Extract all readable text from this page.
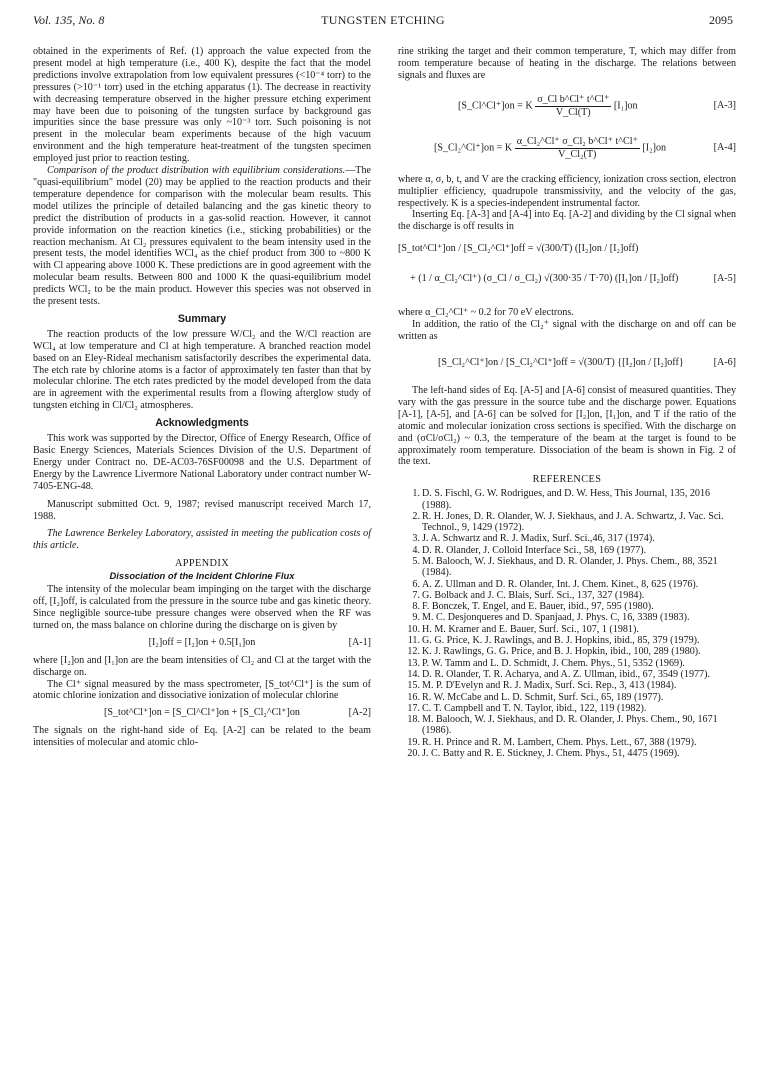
Vol. 135, No. 8	TUNGSTEN ETCHING	2095

obtained in the experiments of Ref. (1) approach the value expected from the present model at high temperature (i.e., 400 K), despite the fact that the model predictions involve extrapolation from low equivalent pressures (<10⁻⁴ torr) to the pressures (>10⁻¹ torr) used in the etching apparatus (1). The decrease in reactivity with decreasing temperature observed in the higher pressure etching experiment may have been due to poisoning of the tungsten surface by background gas impurities since the base pressure was only ~10⁻³ torr. Such poisoning is not present in the molecular beam experiments because of the high vacuum environment and the high temperature heat-treatment of the tungsten specimen employed just prior to reaction testing.

Comparison of the product distribution with equilibrium considerations.—The "quasi-equilibrium" model (20) may be applied to the reaction products and their temperature dependence for comparison with the molecular beam results. This model utilizes the principle of detailed balancing and the gas kinetic theory to predict the distribution of products in a gas-solid reaction. However, it cannot provide information on the reaction kinetics (i.e., sticking probabilities) or the reaction mechanism. At Cl₂ pressures equivalent to the beam intensity used in the present tests, the model identifies WCl₄ as the chief product from 300 to ~800 K with Cl appearing above 1000 K. These predictions are in good agreement with the molecular beam results. Between 800 and 1000 K the quasi-equilibrium model predicts WCl₂ to be the main product. However this species was not observed in the present tests.

Summary

The reaction products of the low pressure W/Cl₂ and the W/Cl reaction are WCl₄ at low temperature and Cl at high temperature. A branched reaction model based on an Eley-Rideal mechanism satisfactorily describes the experimental data. The etch rate by chlorine atoms is a factor of approximately ten faster than that by molecular chlorine. The etch rates predicted by the model developed from the data are in agreement with the experimental results from a flowing afterglow study of tungsten etching in Cl/Cl₂ atmospheres.

Acknowledgments

This work was supported by the Director, Office of Energy Research, Office of Basic Energy Sciences, Materials Sciences Division of the U.S. Department of Energy under Contract no. DE-AC03-76SF00098 and the U.S. Department of Energy by the Lawrence Livermore National Laboratory under contract number W-7405-ENG-48.

Manuscript submitted Oct. 9, 1987; revised manuscript received March 17, 1988.

The Lawrence Berkeley Laboratory, assisted in meeting the publication costs of this article.

APPENDIX
Dissociation of the Incident Chlorine Flux

The intensity of the molecular beam impinging on the target with the discharge off, [I₂]off, is calculated from the pressure in the source tube and gas kinetic theory. Since negligible source-tube pressure changes were observed when the RF was turned on, the mass balance on chlorine during the discharge on is given by

[I₂]off = [I₂]on + 0.5[I₁]on	[A-1]

where [I₂]on and [I₁]on are the beam intensities of Cl₂ and Cl at the target with the discharge on.

The Cl⁺ signal measured by the mass spectrometer, [S_tot^Cl⁺] is the sum of atomic chlorine ionization and dissociative ionization of molecular chlorine

[S_tot^Cl⁺]on = [S_Cl^Cl⁺]on + [S_Cl₂^Cl⁺]on	[A-2]

The signals on the right-hand side of Eq. [A-2] can be related to the beam intensities of molecular and atomic chlo-

rine striking the target and their common temperature, T, which may differ from room temperature because of heating in the discharge. The relations between signals and fluxes are

[S_Cl^Cl⁺]on = K $\frac{\text{σ\_Cl b\textasciicircum{}Cl⁺ t\textasciicircum{}Cl⁺}}{V\_Cl(T)} [I_1]on$	[A-3]
[S_Cl₂^Cl⁺]on = K $\frac{\text{α\_Cl₂\textasciicircum{}Cl⁺ σ\_Cl₂ b\textasciicircum{}Cl⁺ t\textasciicircum{}Cl⁺}}{\text{V\_Cl₂(T)}} [I_2]on$	[A-4]

where α, σ, b, t, and V are the cracking efficiency, ionization cross section, electron multiplier efficiency, quadrupole transmissivity, and the velocity of the gas, respectively. K is a species-independent instrumental factor.

Inserting Eq. [A-3] and [A-4] into Eq. [A-2] and dividing by the Cl signal when the discharge is off results in

[S_tot^Cl⁺]on / [S_Cl₂^Cl⁺]off = √(300/T) ([I₂]on / [I₂]off)
+ (1 / α_Cl₂^Cl⁺) (σ_Cl / σ_Cl₂) √(300·35 / T·70) ([I₁]on / [I₂]off)	[A-5]

where α_Cl₂^Cl⁺ ~ 0.2 for 70 eV electrons.

In addition, the ratio of the Cl₂⁺ signal with the discharge on and off can be written as

[S_Cl₂^Cl⁺]on / [S_Cl₂^Cl⁺]off = √(300/T) {[I₂]on / [I₂]off}	[A-6]

The left-hand sides of Eq. [A-5] and [A-6] consist of measured quantities. They vary with the gas pressure in the source tube and the discharge power. Equations [A-1], [A-5], and [A-6] can be solved for [I₂]on, [I₁]on, and T if the ratio of the atomic and molecular ionization cross sections is specified. With the discharge on and (σCl/σCl₂) ~ 0.3, the temperature of the beam at the target is found to be approximately room temperature. Dissociation of the beam is shown in Fig. 2 of the text.

REFERENCES
1. D. S. Fischl, G. W. Rodrigues, and D. W. Hess, This Journal, 135, 2016 (1988).
2. R. H. Jones, D. R. Olander, W. J. Siekhaus, and J. A. Schwartz, J. Vac. Sci. Technol., 9, 1429 (1972).
3. J. A. Schwartz and R. J. Madix, Surf. Sci.,46, 317 (1974).
4. D. R. Olander, J. Colloid Interface Sci., 58, 169 (1977).
5. M. Balooch, W. J. Siekhaus, and D. R. Olander, J. Phys. Chem., 88, 3521 (1984).
6. A. Z. Ullman and D. R. Olander, Int. J. Chem. Kinet., 8, 625 (1976).
7. G. Bolback and J. C. Blais, Surf. Sci., 137, 327 (1984).
8. F. Bonczek, T. Engel, and E. Bauer, ibid., 97, 595 (1980).
9. M. C. Desjonqueres and D. Spanjaad, J. Phys. C, 16, 3389 (1983).
10. H. M. Kramer and E. Bauer, Surf. Sci., 107, 1 (1981).
11. G. G. Price, K. J. Rawlings, and B. J. Hopkins, ibid., 85, 379 (1979).
12. K. J. Rawlings, G. G. Price, and B. J. Hopkin, ibid., 100, 289 (1980).
13. P. W. Tamm and L. D. Schmidt, J. Chem. Phys., 51, 5352 (1969).
14. D. R. Olander, T. R. Acharya, and A. Z. Ullman, ibid., 67, 3549 (1977).
15. M. P. D'Evelyn and R. J. Madix, Surf. Sci. Rep., 3, 413 (1984).
16. R. W. McCabe and L. D. Schmit, Surf. Sci., 65, 189 (1977).
17. C. T. Campbell and T. N. Taylor, ibid., 122, 119 (1982).
18. M. Balooch, W. J. Siekhaus, and D. R. Olander, J. Phys. Chem., 90, 1671 (1986).
19. R. H. Prince and R. M. Lambert, Chem. Phys. Lett., 67, 388 (1979).
20. J. C. Batty and R. E. Stickney, J. Chem. Phys., 51, 4475 (1969).
